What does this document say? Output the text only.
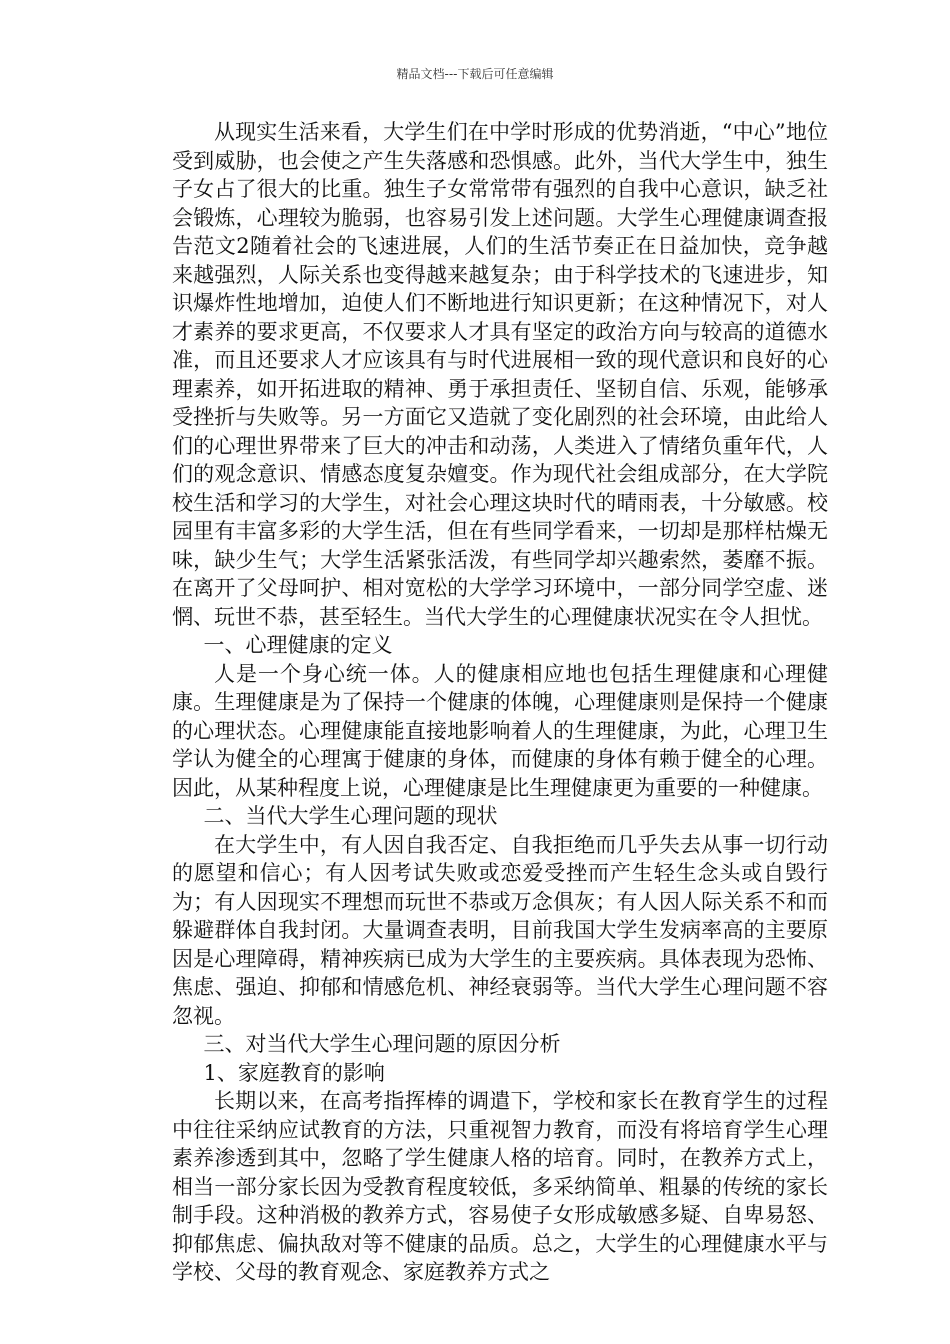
精品文档---下载后可任意编辑

从现实生活来看，大学生们在中学时形成的优势消逝，“中心”地位受到威胁，也会使之产生失落感和恐惧感。此外，当代大学生中，独生子女占了很大的比重。独生子女常常带有强烈的自我中心意识，缺乏社会锻炼，心理较为脆弱，也容易引发上述问题。大学生心理健康调查报告范文2随着社会的飞速进展，人们的生活节奏正在日益加快，竞争越来越强烈，人际关系也变得越来越复杂；由于科学技术的飞速进步，知识爆炸性地增加，迫使人们不断地进行知识更新；在这种情况下，对人才素养的要求更高，不仅要求人才具有坚定的政治方向与较高的道德水准，而且还要求人才应该具有与时代进展相一致的现代意识和良好的心理素养，如开拓进取的精神、勇于承担责任、坚韧自信、乐观，能够承受挫折与失败等。另一方面它又造就了变化剧烈的社会环境，由此给人们的心理世界带来了巨大的冲击和动荡，人类进入了情绪负重年代，人们的观念意识、情感态度复杂嬗变。作为现代社会组成部分，在大学院校生活和学习的大学生，对社会心理这块时代的晴雨表，十分敏感。校园里有丰富多彩的大学生活，但在有些同学看来，一切却是那样枯燥无味，缺少生气；大学生活紧张活泼，有些同学却兴趣索然，萎靡不振。在离开了父母呵护、相对宽松的大学学习环境中，一部分同学空虚、迷惘、玩世不恭，甚至轻生。当代大学生的心理健康状况实在令人担忧。

一、心理健康的定义

人是一个身心统一体。人的健康相应地也包括生理健康和心理健康。生理健康是为了保持一个健康的体魄，心理健康则是保持一个健康的心理状态。心理健康能直接地影响着人的生理健康，为此，心理卫生学认为健全的心理寓于健康的身体，而健康的身体有赖于健全的心理。因此，从某种程度上说，心理健康是比生理健康更为重要的一种健康。

二、当代大学生心理问题的现状

在大学生中，有人因自我否定、自我拒绝而几乎失去从事一切行动的愿望和信心；有人因考试失败或恋爱受挫而产生轻生念头或自毁行为；有人因现实不理想而玩世不恭或万念俱灰；有人因人际关系不和而躲避群体自我封闭。大量调查表明，目前我国大学生发病率高的主要原因是心理障碍，精神疾病已成为大学生的主要疾病。具体表现为恐怖、焦虑、强迫、抑郁和情感危机、神经衰弱等。当代大学生心理问题不容忽视。

三、对当代大学生心理问题的原因分析

1、家庭教育的影响

长期以来，在高考指挥棒的调遣下，学校和家长在教育学生的过程中往往采纳应试教育的方法，只重视智力教育，而没有将培育学生心理素养渗透到其中，忽略了学生健康人格的培育。同时，在教养方式上，相当一部分家长因为受教育程度较低，多采纳简单、粗暴的传统的家长制手段。这种消极的教养方式，容易使子女形成敏感多疑、自卑易怒、抑郁焦虑、偏执敌对等不健康的品质。总之，大学生的心理健康水平与学校、父母的教育观念、家庭教养方式之
